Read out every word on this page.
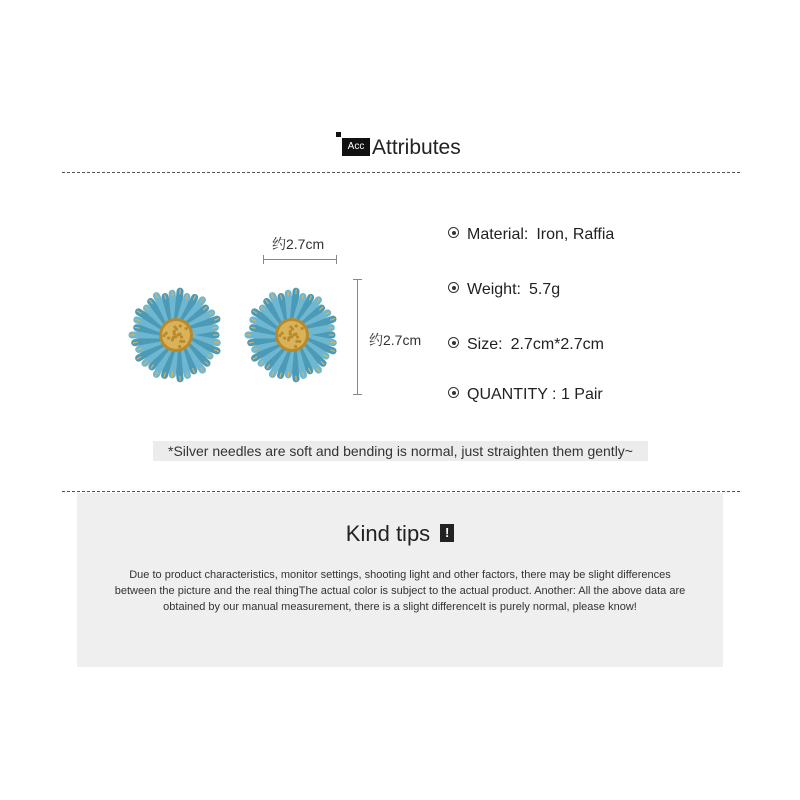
Acc Attributes
约2.7cm
约2.7cm
Material: Iron, Raffia
Weight: 5.7g
Size: 2.7cm*2.7cm
QUANTITY : 1 Pair
*Silver needles are soft and bending is normal, just straighten them gently~
Kind tips !
Due to product characteristics, monitor settings, shooting light and other factors, there may be slight differences between the picture and the real thingThe actual color is subject to the actual product. Another: All the above data are obtained by our manual measurement, there is a slight differenceIt is purely normal, please know!
